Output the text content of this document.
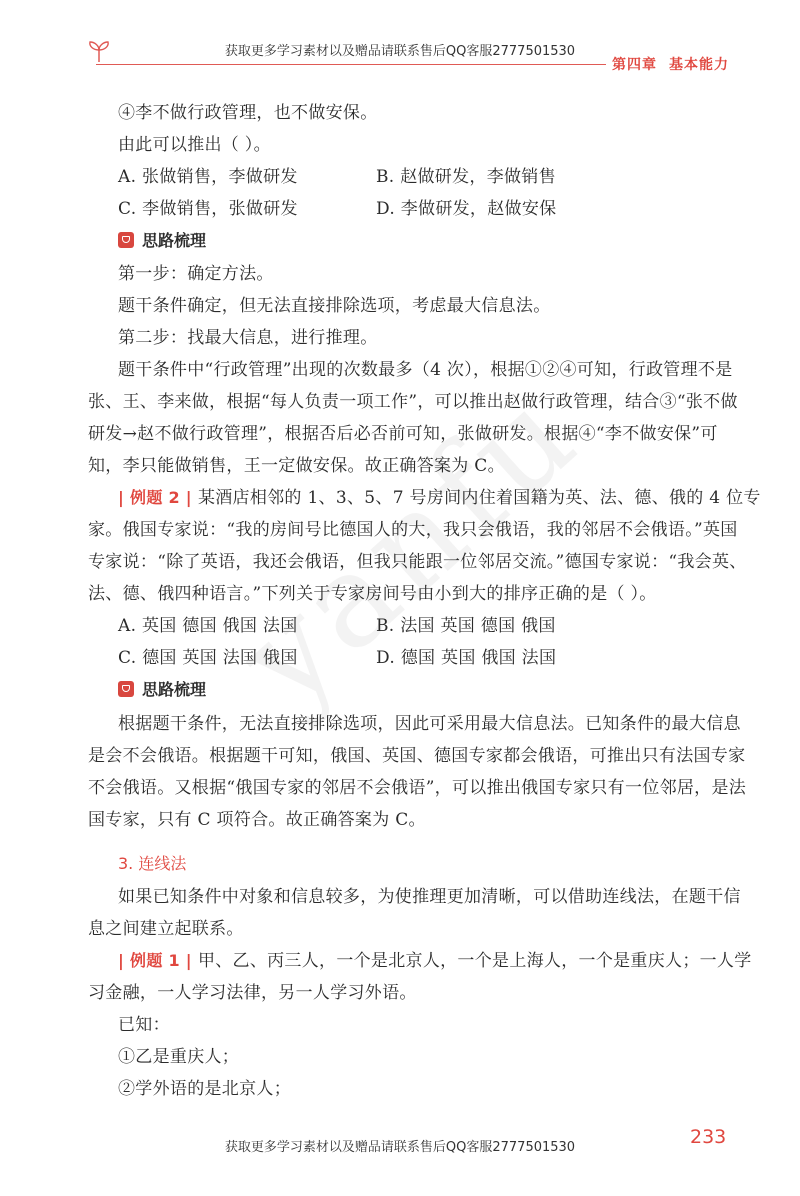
获取更多学习素材以及赠品请联系售后QQ客服2777501530
第四章 基本能力
④李不做行政管理，也不做安保。
由此可以推出（ ）。
A. 张做销售，李做研发	B. 赵做研发，李做销售
C. 李做销售，张做研发	D. 李做研发，赵做安保
思路梳理
第一步：确定方法。
题干条件确定，但无法直接排除选项，考虑最大信息法。
第二步：找最大信息，进行推理。
题干条件中“行政管理”出现的次数最多（4 次），根据①②④可知，行政管理不是
张、王、李来做，根据“每人负责一项工作”，可以推出赵做行政管理，结合③“张不做
研发→赵不做行政管理”，根据否后必否前可知，张做研发。根据④“李不做安保”可
知，李只能做销售，王一定做安保。故正确答案为 C。
| 例题 2 | 某酒店相邻的 1、3、5、7 号房间内住着国籍为英、法、德、俄的 4 位专
家。俄国专家说：“我的房间号比德国人的大，我只会俄语，我的邻居不会俄语。”英国
专家说：“除了英语，我还会俄语，但我只能跟一位邻居交流。”德国专家说：“我会英、
法、德、俄四种语言。”下列关于专家房间号由小到大的排序正确的是（ ）。
A. 英国 德国 俄国 法国	B. 法国 英国 德国 俄国
C. 德国 英国 法国 俄国	D. 德国 英国 俄国 法国
思路梳理
根据题干条件，无法直接排除选项，因此可采用最大信息法。已知条件的最大信息
是会不会俄语。根据题干可知，俄国、英国、德国专家都会俄语，可推出只有法国专家
不会俄语。又根据“俄国专家的邻居不会俄语”，可以推出俄国专家只有一位邻居，是法
国专家，只有 C 项符合。故正确答案为 C。
3. 连线法
如果已知条件中对象和信息较多，为使推理更加清晰，可以借助连线法，在题干信
息之间建立起联系。
| 例题 1 | 甲、乙、丙三人，一个是北京人，一个是上海人，一个是重庆人；一人学
习金融，一人学习法律，另一人学习外语。
已知：
①乙是重庆人；
②学外语的是北京人；
获取更多学习素材以及赠品请联系售后QQ客服2777501530	233
